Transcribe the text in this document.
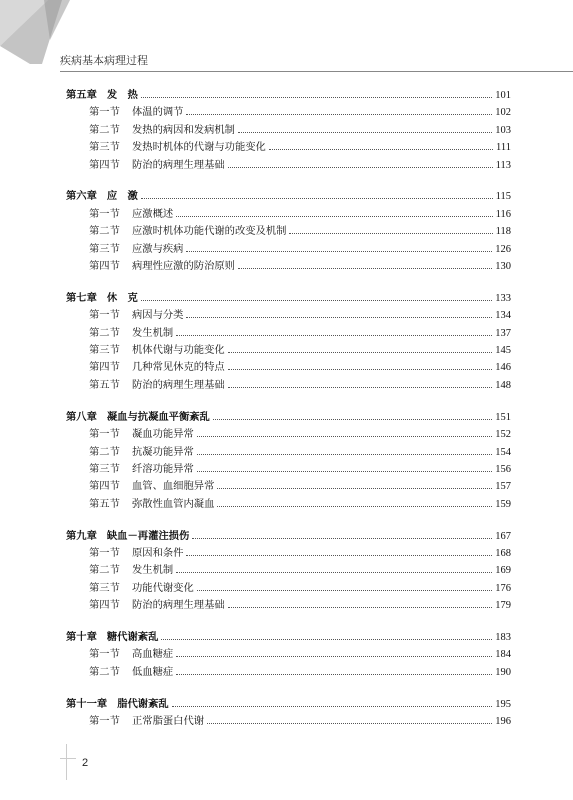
疾病基本病理过程
第五章 发　热	101
第一节	体温的调节	102
第二节	发热的病因和发病机制	103
第三节	发热时机体的代谢与功能变化	111
第四节	防治的病理生理基础	113
第六章 应　激	115
第一节	应激概述	116
第二节	应激时机体功能代谢的改变及机制	118
第三节	应激与疾病	126
第四节	病理性应激的防治原则	130
第七章 休　克	133
第一节	病因与分类	134
第二节	发生机制	137
第三节	机体代谢与功能变化	145
第四节	几种常见休克的特点	146
第五节	防治的病理生理基础	148
第八章 凝血与抗凝血平衡紊乱	151
第一节	凝血功能异常	152
第二节	抗凝功能异常	154
第三节	纤溶功能异常	156
第四节	血管、血细胞异常	157
第五节	弥散性血管内凝血	159
第九章 缺血－再灌注损伤	167
第一节	原因和条件	168
第二节	发生机制	169
第三节	功能代谢变化	176
第四节	防治的病理生理基础	179
第十章 糖代谢紊乱	183
第一节	高血糖症	184
第二节	低血糖症	190
第十一章 脂代谢紊乱	195
第一节	正常脂蛋白代谢	196
2
